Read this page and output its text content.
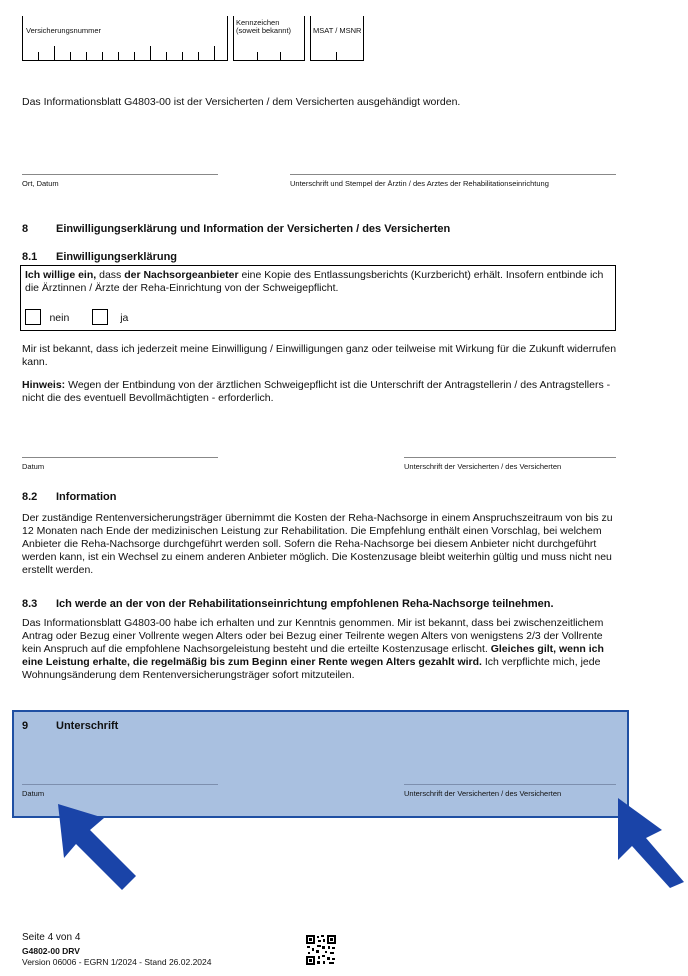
Versicherungsnummer
Kennzeichen
(soweit bekannt)	MSAT / MSNR
Das Informationsblatt G4803-00 ist der Versicherten / dem Versicherten ausgehändigt worden.
Ort, Datum	Unterschrift und Stempel der Ärztin / des Arztes der Rehabilitationseinrichtung
8	Einwilligungserklärung und Information der Versicherten / des Versicherten
8.1 Einwilligungserklärung
Ich willige ein, dass der Nachsorgeanbieter eine Kopie des Entlassungsberichts (Kurzbericht) erhält. Insofern entbinde ich die Ärztinnen / Ärzte der Reha-Einrichtung von der Schweigepflicht.
nein	ja
Mir ist bekannt, dass ich jederzeit meine Einwilligung / Einwilligungen ganz oder teilweise mit Wirkung für die Zukunft widerrufen kann.
Hinweis: Wegen der Entbindung von der ärztlichen Schweigepflicht ist die Unterschrift der Antragstellerin / des Antragstellers - nicht die des eventuell Bevollmächtigten - erforderlich.
Datum	Unterschrift der Versicherten / des Versicherten
8.2 Information
Der zuständige Rentenversicherungsträger übernimmt die Kosten der Reha-Nachsorge in einem Anspruchszeitraum von bis zu 12 Monaten nach Ende der medizinischen Leistung zur Rehabilitation. Die Empfehlung enthält einen Vorschlag, bei welchem Anbieter die Reha-Nachsorge durchgeführt werden soll. Sofern die Reha-Nachsorge bei diesem Anbieter nicht durchgeführt werden kann, ist ein Wechsel zu einem anderen Anbieter möglich. Die Kostenzusage bleibt weiterhin gültig und muss nicht neu erstellt werden.
8.3 Ich werde an der von der Rehabilitationseinrichtung empfohlenen Reha-Nachsorge teilnehmen.
Das Informationsblatt G4803-00 habe ich erhalten und zur Kenntnis genommen. Mir ist bekannt, dass bei zwischenzeitlichem Antrag oder Bezug einer Vollrente wegen Alters oder bei Bezug einer Teilrente wegen Alters von wenigstens 2/3 der Vollrente kein Anspruch auf die empfohlene Nachsorgeleistung besteht und die erteilte Kostenzusage erlischt. Gleiches gilt, wenn ich eine Leistung erhalte, die regelmäßig bis zum Beginn einer Rente wegen Alters gezahlt wird. Ich verpflichte mich, jede Wohnungsänderung dem Rentenversicherungsträger sofort mitzuteilen.
9	Unterschrift
Datum	Unterschrift der Versicherten / des Versicherten
Seite 4 von 4
G4802-00 DRV
Version 06006 - EGRN 1/2024 - Stand 26.02.2024
